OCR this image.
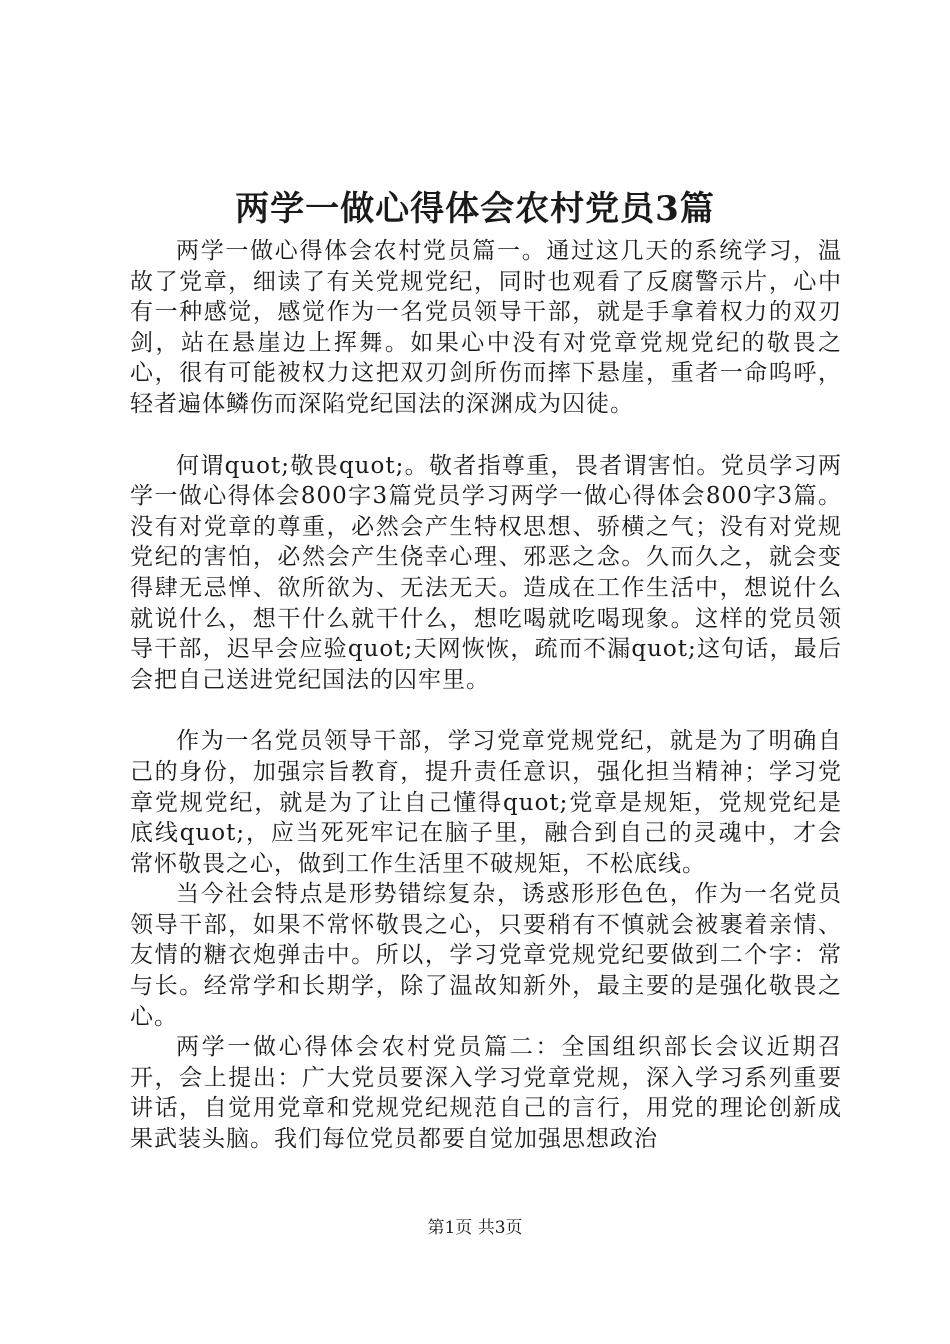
两学一做心得体会农村党员3篇

两学一做心得体会农村党员篇一。通过这几天的系统学习，温故了党章，细读了有关党规党纪，同时也观看了反腐警示片，心中有一种感觉，感觉作为一名党员领导干部，就是手拿着权力的双刃剑，站在悬崖边上挥舞。如果心中没有对党章党规党纪的敬畏之心，很有可能被权力这把双刃剑所伤而摔下悬崖，重者一命呜呼，轻者遍体鳞伤而深陷党纪国法的深渊成为囚徒。

何谓quot;敬畏quot;。敬者指尊重，畏者谓害怕。党员学习两学一做心得体会800字3篇党员学习两学一做心得体会800字3篇。没有对党章的尊重，必然会产生特权思想、骄横之气；没有对党规党纪的害怕，必然会产生侥幸心理、邪恶之念。久而久之，就会变得肆无忌惮、欲所欲为、无法无天。造成在工作生活中，想说什么就说什么，想干什么就干什么，想吃喝就吃喝现象。这样的党员领导干部，迟早会应验quot;天网恢恢，疏而不漏quot;这句话，最后会把自己送进党纪国法的囚牢里。

作为一名党员领导干部，学习党章党规党纪，就是为了明确自己的身份，加强宗旨教育，提升责任意识，强化担当精神；学习党章党规党纪，就是为了让自己懂得quot;党章是规矩，党规党纪是底线quot;，应当死死牢记在脑子里，融合到自己的灵魂中，才会常怀敬畏之心，做到工作生活里不破规矩，不松底线。

当今社会特点是形势错综复杂，诱惑形形色色，作为一名党员领导干部，如果不常怀敬畏之心，只要稍有不慎就会被裹着亲情、友情的糖衣炮弹击中。所以，学习党章党规党纪要做到二个字：常与长。经常学和长期学，除了温故知新外，最主要的是强化敬畏之心。

两学一做心得体会农村党员篇二：全国组织部长会议近期召开，会上提出：广大党员要深入学习党章党规，深入学习系列重要讲话，自觉用党章和党规党纪规范自己的言行，用党的理论创新成果武装头脑。我们每位党员都要自觉加强思想政治

第1页 共3页
